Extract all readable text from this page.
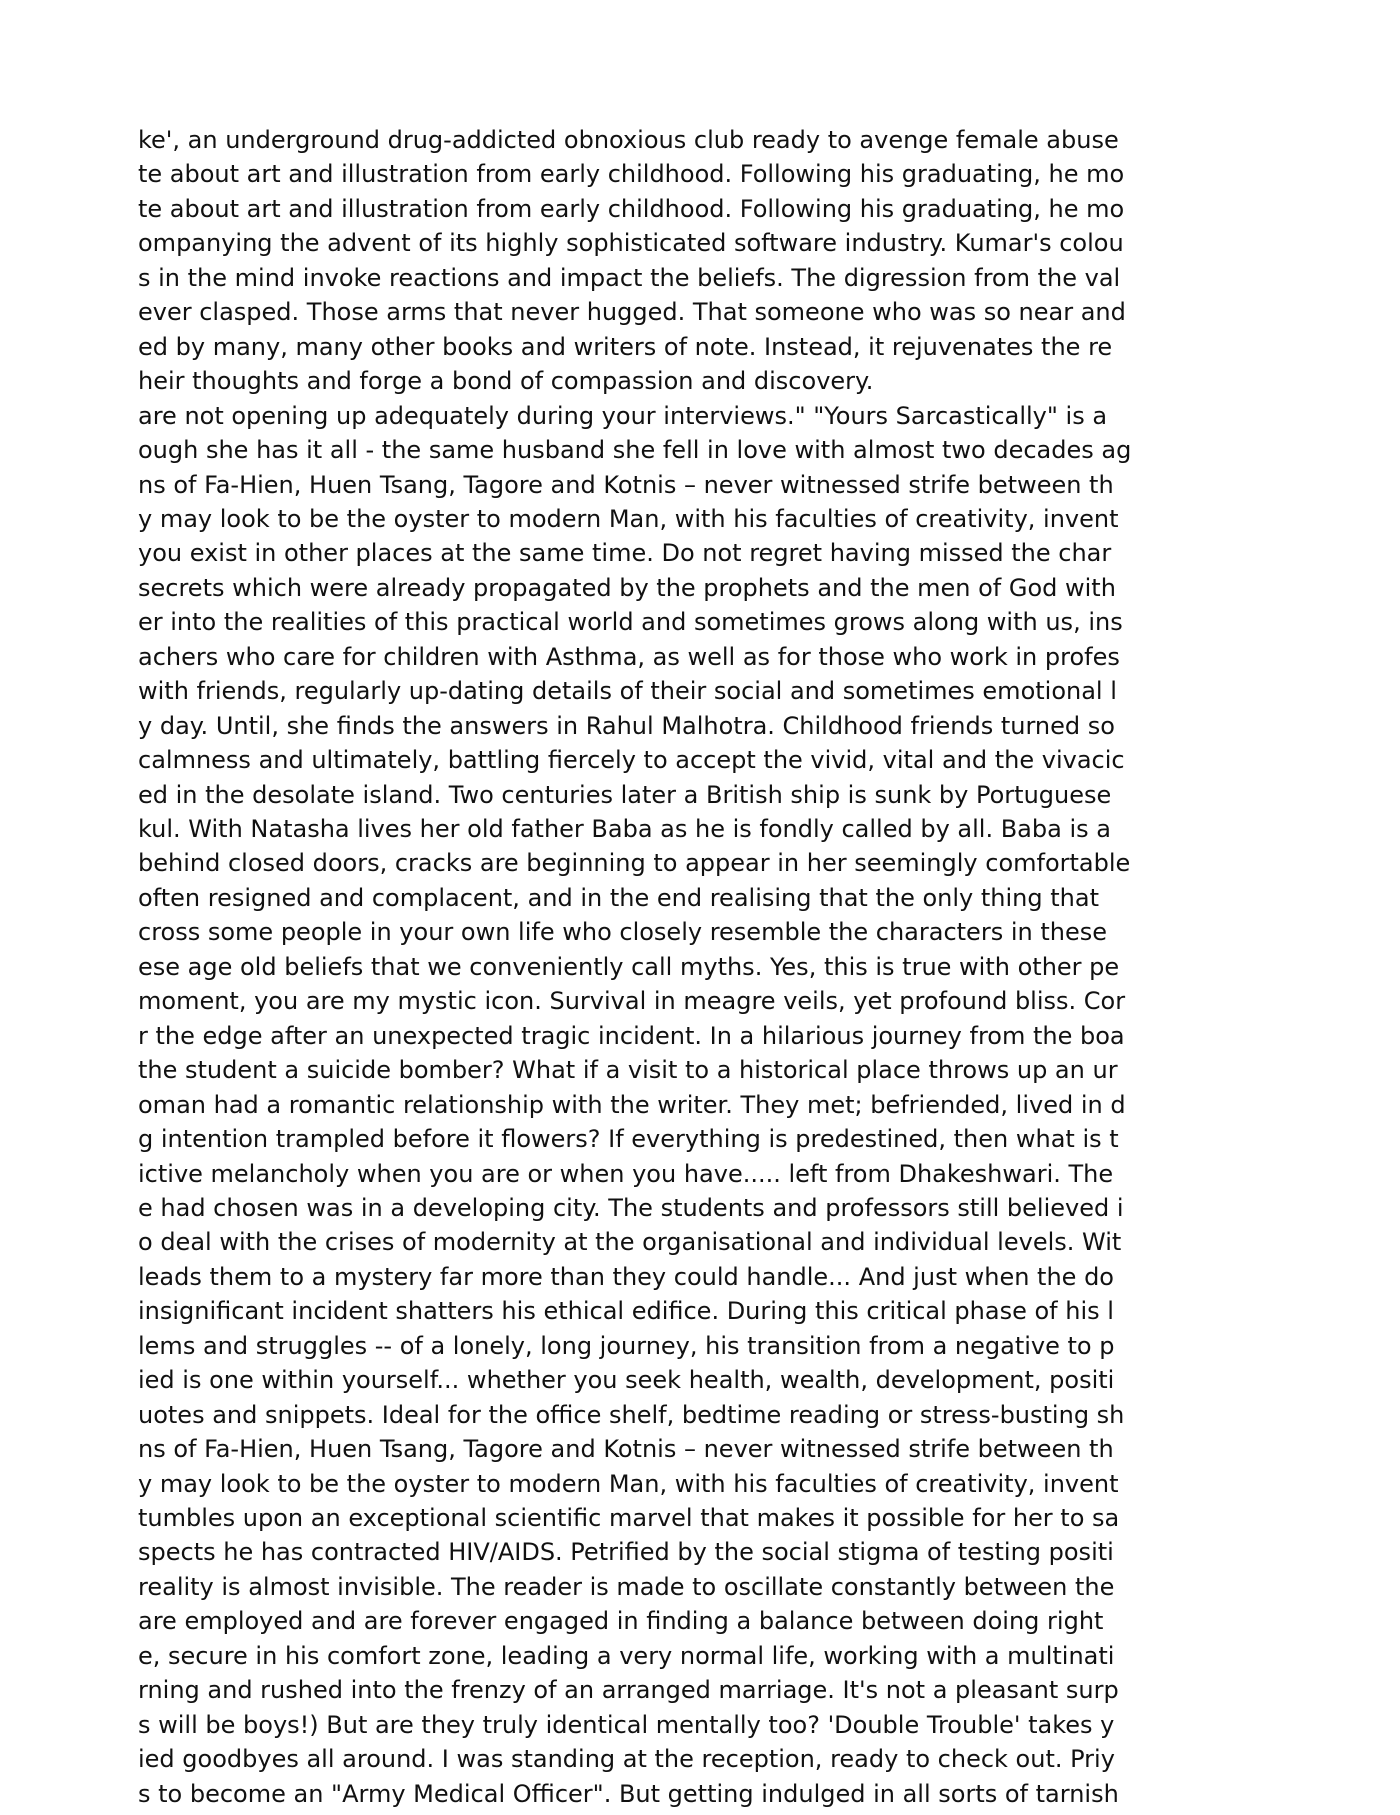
ke', an underground drug-addicted obnoxious club ready to avenge female abuse
te about art and illustration from early childhood. Following his graduating, he mo
te about art and illustration from early childhood. Following his graduating, he mo
ompanying the advent of its highly sophisticated software industry. Kumar's colou
s in the mind invoke reactions and impact the beliefs. The digression from the val
ever clasped. Those arms that never hugged. That someone who was so near and
ed by many, many other books and writers of note. Instead, it rejuvenates the re
heir thoughts and forge a bond of compassion and discovery.
are not opening up adequately during your interviews." "Yours Sarcastically" is a
ough she has it all - the same husband she fell in love with almost two decades ag
ns of Fa-Hien, Huen Tsang, Tagore and Kotnis – never witnessed strife between th
y may look to be the oyster to modern Man, with his faculties of creativity, invent
you exist in other places at the same time. Do not regret having missed the char
secrets which were already propagated by the prophets and the men of God with
er into the realities of this practical world and sometimes grows along with us, ins
achers who care for children with Asthma, as well as for those who work in profes
with friends, regularly up-dating details of their social and sometimes emotional l
y day. Until, she finds the answers in Rahul Malhotra. Childhood friends turned so
calmness and ultimately, battling fiercely to accept the vivid, vital and the vivacic
ed in the desolate island. Two centuries later a British ship is sunk by Portuguese
kul. With Natasha lives her old father Baba as he is fondly called by all. Baba is a
behind closed doors, cracks are beginning to appear in her seemingly comfortable
often resigned and complacent, and in the end realising that the only thing that
cross some people in your own life who closely resemble the characters in these
ese age old beliefs that we conveniently call myths. Yes, this is true with other pe
moment, you are my mystic icon. Survival in meagre veils, yet profound bliss. Cor
r the edge after an unexpected tragic incident. In a hilarious journey from the boa
the student a suicide bomber? What if a visit to a historical place throws up an ur
oman had a romantic relationship with the writer. They met; befriended, lived in d
g intention trampled before it flowers? If everything is predestined, then what is t
ictive melancholy when you are or when you have..... left from Dhakeshwari. The
e had chosen was in a developing city. The students and professors still believed i
o deal with the crises of modernity at the organisational and individual levels. Wit
leads them to a mystery far more than they could handle... And just when the do
insignificant incident shatters his ethical edifice. During this critical phase of his l
lems and struggles -- of a lonely, long journey, his transition from a negative to p
ied is one within yourself... whether you seek health, wealth, development, positi
uotes and snippets. Ideal for the office shelf, bedtime reading or stress-busting sh
ns of Fa-Hien, Huen Tsang, Tagore and Kotnis – never witnessed strife between th
y may look to be the oyster to modern Man, with his faculties of creativity, invent
tumbles upon an exceptional scientific marvel that makes it possible for her to sa
spects he has contracted HIV/AIDS. Petrified by the social stigma of testing positi
reality is almost invisible. The reader is made to oscillate constantly between the
are employed and are forever engaged in finding a balance between doing right
e, secure in his comfort zone, leading a very normal life, working with a multinati
rning and rushed into the frenzy of an arranged marriage. It's not a pleasant surp
s will be boys!) But are they truly identical mentally too? 'Double Trouble' takes y
ied goodbyes all around. I was standing at the reception, ready to check out. Priy
s to become an "Army Medical Officer". But getting indulged in all sorts of tarnish
